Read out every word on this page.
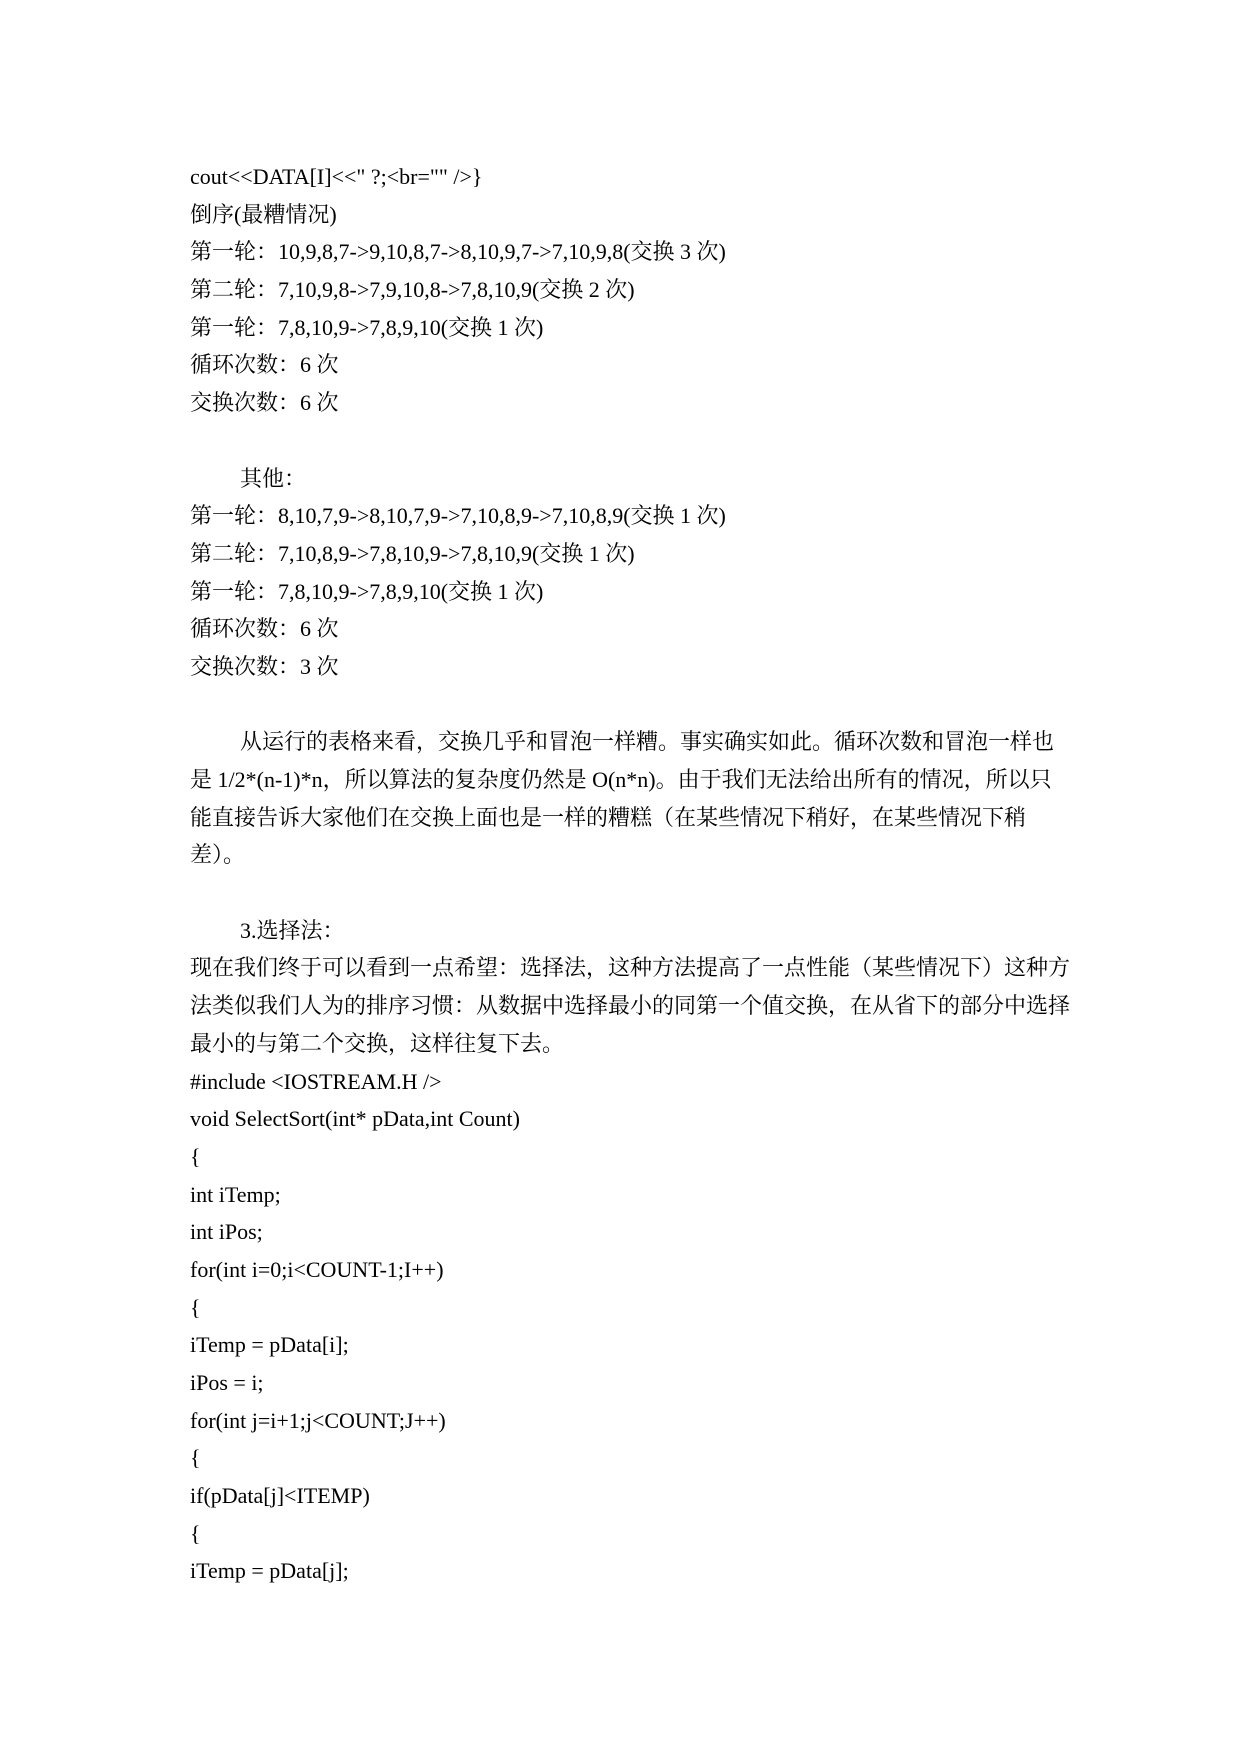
cout<<DATA[I]<<" ?;<br="" />}
倒序(最糟情况)
第一轮：10,9,8,7->9,10,8,7->8,10,9,7->7,10,9,8(交换 3 次)
第二轮：7,10,9,8->7,9,10,8->7,8,10,9(交换 2 次)
第一轮：7,8,10,9->7,8,9,10(交换 1 次)
循环次数：6 次
交换次数：6 次
其他：
第一轮：8,10,7,9->8,10,7,9->7,10,8,9->7,10,8,9(交换 1 次)
第二轮：7,10,8,9->7,8,10,9->7,8,10,9(交换 1 次)
第一轮：7,8,10,9->7,8,9,10(交换 1 次)
循环次数：6 次
交换次数：3 次
从运行的表格来看，交换几乎和冒泡一样糟。事实确实如此。循环次数和冒泡一样也
是 1/2*(n-1)*n，所以算法的复杂度仍然是 O(n*n)。由于我们无法给出所有的情况，所以只
能直接告诉大家他们在交换上面也是一样的糟糕（在某些情况下稍好，在某些情况下稍
差）。
3.选择法：
现在我们终于可以看到一点希望：选择法，这种方法提高了一点性能（某些情况下）这种方
法类似我们人为的排序习惯：从数据中选择最小的同第一个值交换，在从省下的部分中选择
最小的与第二个交换，这样往复下去。
#include <IOSTREAM.H />
void SelectSort(int* pData,int Count)
{
int iTemp;
int iPos;
for(int i=0;i<COUNT-1;I++)
{
iTemp = pData[i];
iPos = i;
for(int j=i+1;j<COUNT;J++)
{
if(pData[j]<ITEMP)
{
iTemp = pData[j];
